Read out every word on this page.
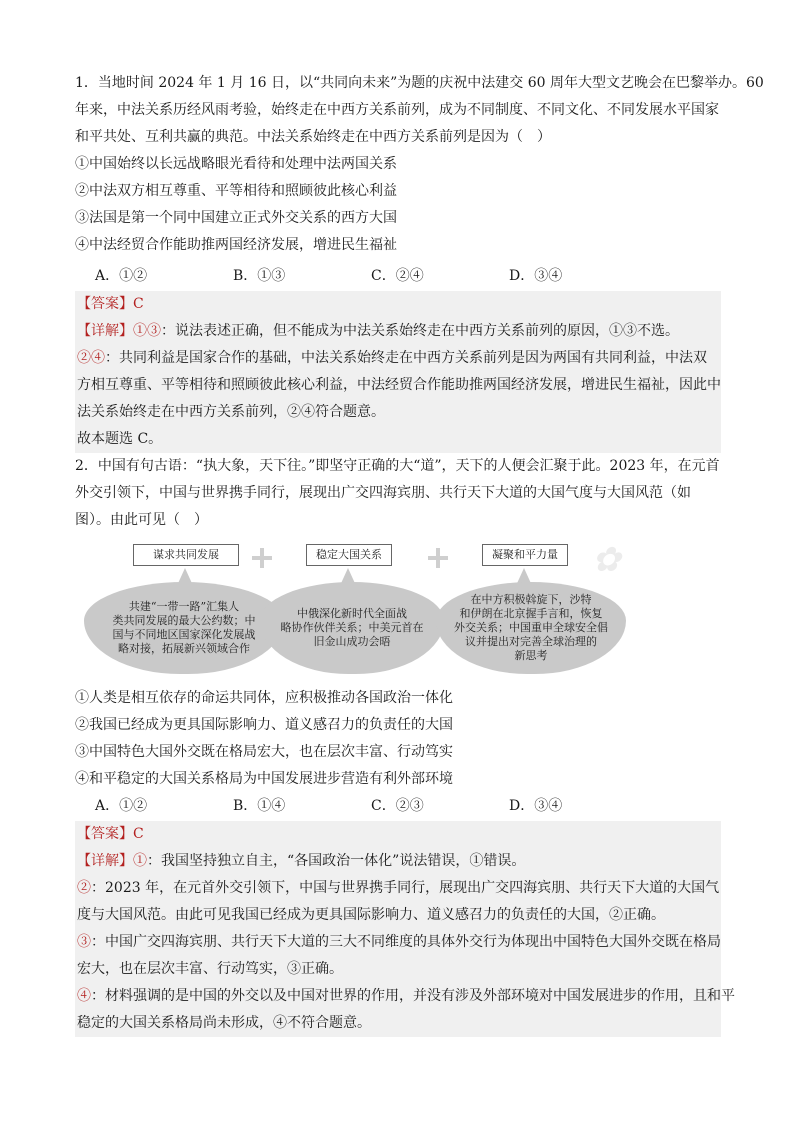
1．当地时间 2024 年 1 月 16 日，以“共同向未来”为题的庆祝中法建交 60 周年大型文艺晚会在巴黎举办。60
年来，中法关系历经风雨考验，始终走在中西方关系前列，成为不同制度、不同文化、不同发展水平国家
和平共处、互利共赢的典范。中法关系始终走在中西方关系前列是因为（　）
①中国始终以长远战略眼光看待和处理中法两国关系
②中法双方相互尊重、平等相待和照顾彼此核心利益
③法国是第一个同中国建立正式外交关系的西方大国
④中法经贸合作能助推两国经济发展，增进民生福祉
A．①②	B．①③	C．②④	D．③④
【答案】C
【详解】①③：说法表述正确，但不能成为中法关系始终走在中西方关系前列的原因，①③不选。
②④：共同利益是国家合作的基础，中法关系始终走在中西方关系前列是因为两国有共同利益，中法双
方相互尊重、平等相待和照顾彼此核心利益，中法经贸合作能助推两国经济发展，增进民生福祉，因此中
法关系始终走在中西方关系前列，②④符合题意。
故本题选 C。
2．中国有句古语：“执大象，天下往。”即坚守正确的大“道”，天下的人便会汇聚于此。2023 年，在元首
外交引领下，中国与世界携手同行，展现出广交四海宾朋、共行天下大道的大国气度与大国风范（如
图）。由此可见（　）
谋求共同发展	稳定大国关系	凝聚和平力量
共建“一带一路”汇集人
类共同发展的最大公约数；中
国与不同地区国家深化发展战
略对接，拓展新兴领域合作
中俄深化新时代全面战
略协作伙伴关系；中美元首在
旧金山成功会晤
在中方积极斡旋下，沙特
和伊朗在北京握手言和，恢复
外交关系；中国重申全球安全倡
议并提出对完善全球治理的
新思考
✿
①人类是相互依存的命运共同体，应积极推动各国政治一体化
②我国已经成为更具国际影响力、道义感召力的负责任的大国
③中国特色大国外交既在格局宏大，也在层次丰富、行动笃实
④和平稳定的大国关系格局为中国发展进步营造有利外部环境
A．①②	B．①④	C．②③	D．③④
【答案】C
【详解】①：我国坚持独立自主，“各国政治一体化”说法错误，①错误。
②：2023 年，在元首外交引领下，中国与世界携手同行，展现出广交四海宾朋、共行天下大道的大国气
度与大国风范。由此可见我国已经成为更具国际影响力、道义感召力的负责任的大国，②正确。
③：中国广交四海宾朋、共行天下大道的三大不同维度的具体外交行为体现出中国特色大国外交既在格局
宏大，也在层次丰富、行动笃实，③正确。
④：材料强调的是中国的外交以及中国对世界的作用，并没有涉及外部环境对中国发展进步的作用，且和平
稳定的大国关系格局尚未形成，④不符合题意。
